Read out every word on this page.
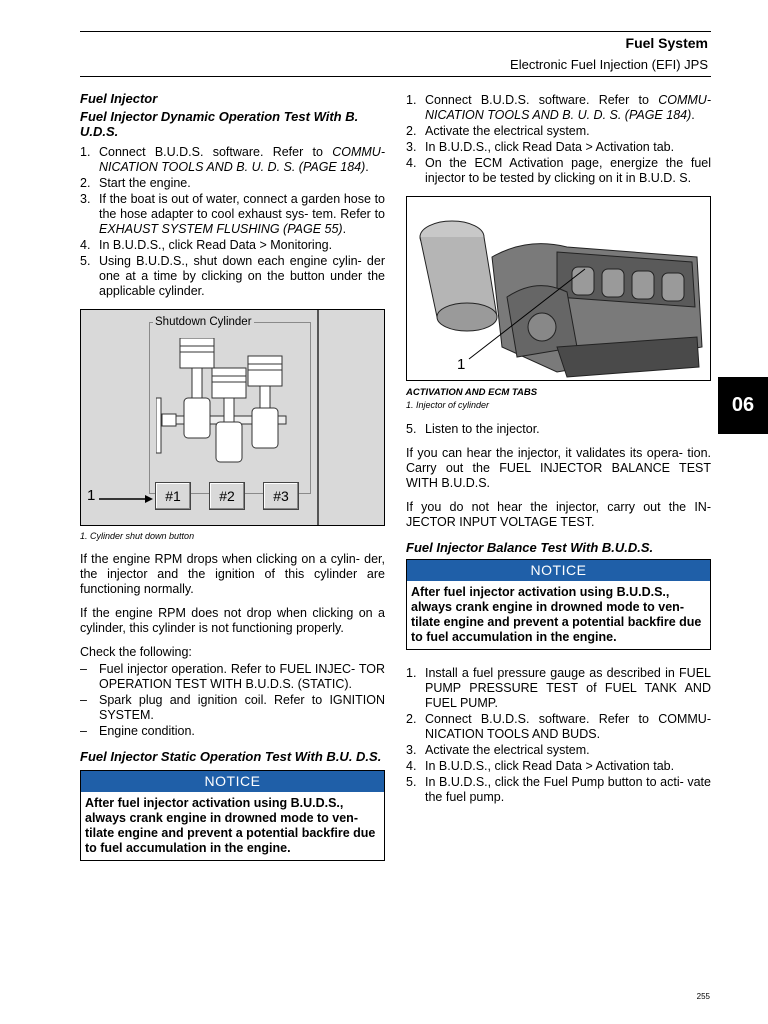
Fuel System
Electronic Fuel Injection (EFI) JPS
Fuel Injector
Fuel Injector Dynamic Operation Test With B. U.D.S.
1. Connect B.U.D.S. software. Refer to COMMU- NICATION TOOLS AND B. U. D. S. (PAGE 184).
2. Start the engine.
3. If the boat is out of water, connect a garden hose to the hose adapter to cool exhaust sys- tem. Refer to EXHAUST SYSTEM FLUSHING (PAGE 55).
4. In B.U.D.S., click Read Data > Monitoring.
5. Using B.U.D.S., shut down each engine cylin- der one at a time by clicking on the button under the applicable cylinder.
Shutdown Cylinder
1	#1	#2	#3
1. Cylinder shut down button

If the engine RPM drops when clicking on a cylin- der, the injector and the ignition of this cylinder are functioning normally.

If the engine RPM does not drop when clicking on a cylinder, this cylinder is not functioning properly.

Check the following:

– Fuel injector operation. Refer to FUEL INJEC- TOR OPERATION TEST WITH B.U.D.S. (STATIC).
– Spark plug and ignition coil. Refer to IGNITION SYSTEM.
– Engine condition.
Fuel Injector Static Operation Test With B.U. D.S.
NOTICE
After fuel injector activation using B.U.D.S., always crank engine in drowned mode to ven- tilate engine and prevent a potential backfire due to fuel accumulation in the engine.
1. Connect B.U.D.S. software. Refer to COMMU- NICATION TOOLS AND B. U. D. S. (PAGE 184).
2. Activate the electrical system.
3. In B.U.D.S., click Read Data > Activation tab.
4. On the ECM Activation page, energize the fuel injector to be tested by clicking on it in B.U.D. S.
1
ACTIVATION AND ECM TABS
1. Injector of cylinder
5. Listen to the injector.

If you can hear the injector, it validates its opera- tion. Carry out the FUEL INJECTOR BALANCE TEST WITH B.U.D.S.

If you do not hear the injector, carry out the IN- JECTOR INPUT VOLTAGE TEST.

Fuel Injector Balance Test With B.U.D.S.
NOTICE
After fuel injector activation using B.U.D.S., always crank engine in drowned mode to ven- tilate engine and prevent a potential backfire due to fuel accumulation in the engine.
1. Install a fuel pressure gauge as described in FUEL PUMP PRESSURE TEST of FUEL TANK AND FUEL PUMP.
2. Connect B.U.D.S. software. Refer to COMMU- NICATION TOOLS AND BUDS.
3. Activate the electrical system.
4. In B.U.D.S., click Read Data > Activation tab.
5. In B.U.D.S., click the Fuel Pump button to acti- vate the fuel pump.
06
255
